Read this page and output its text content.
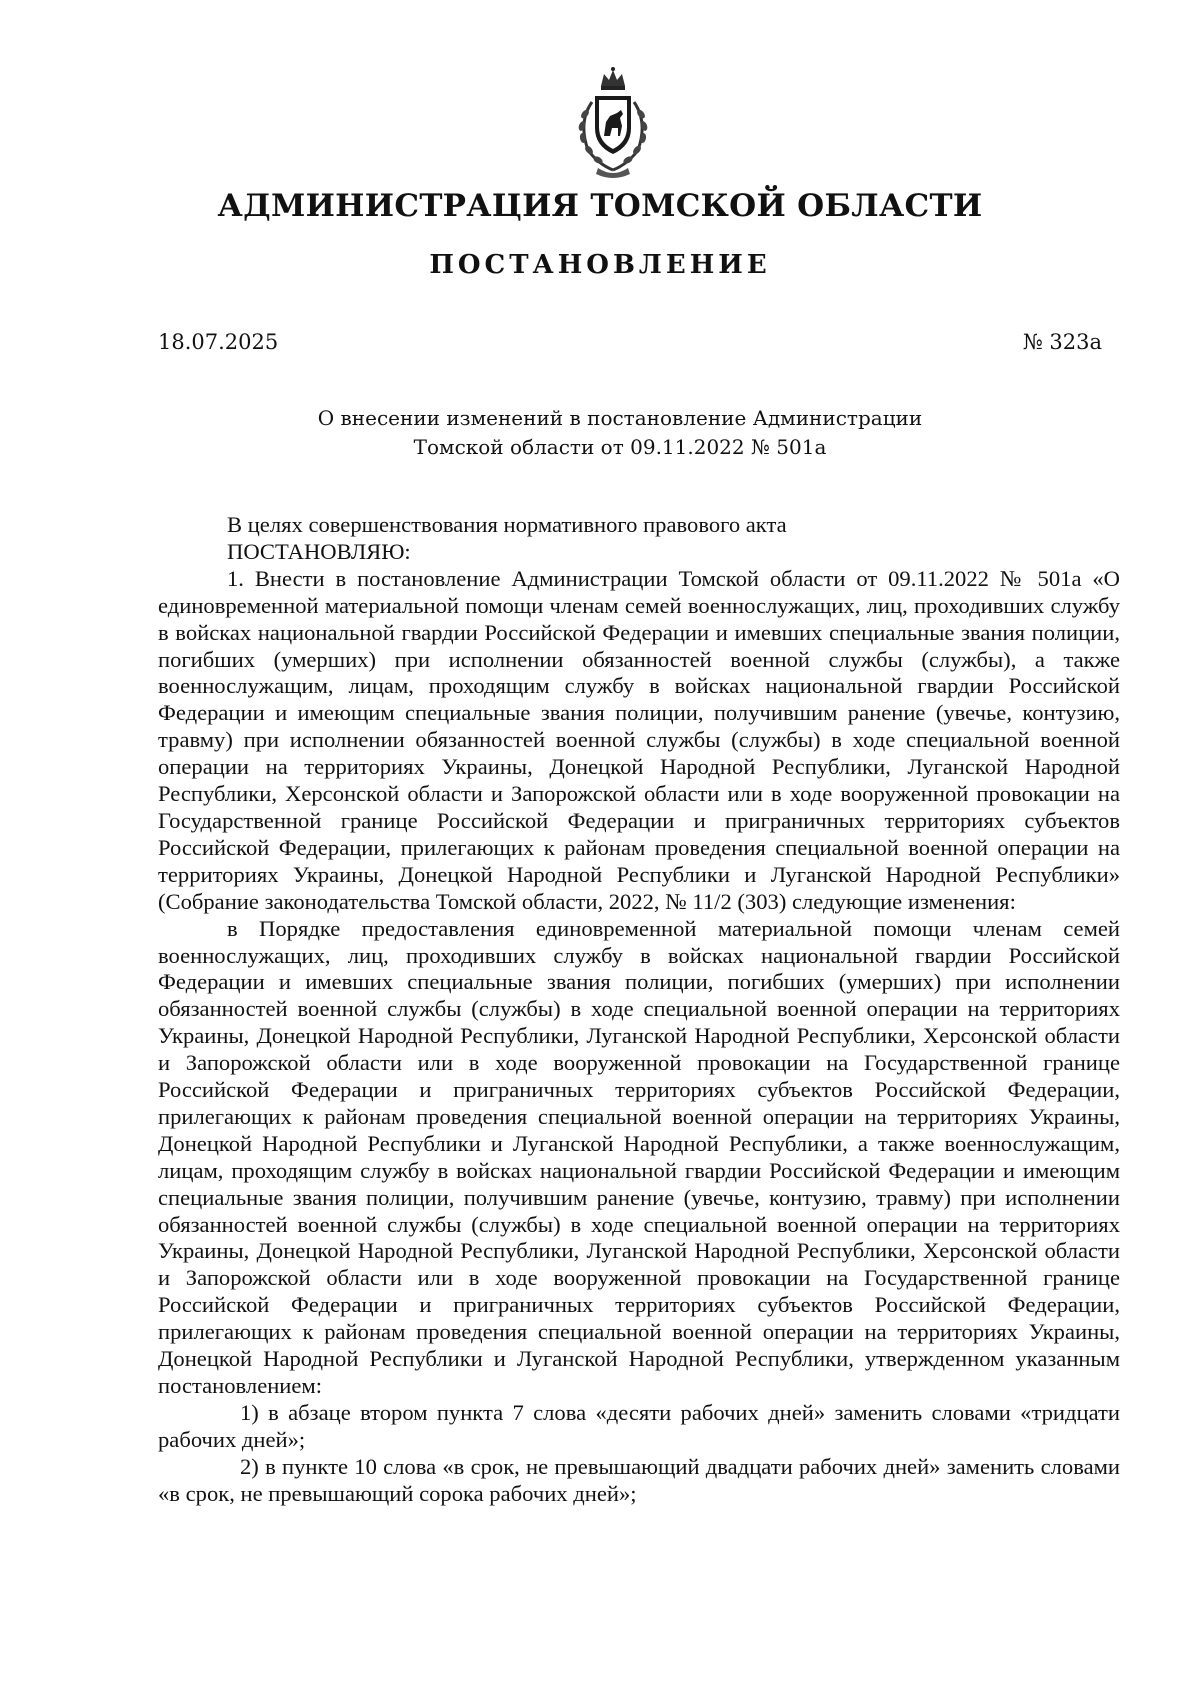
АДМИНИСТРАЦИЯ ТОМСКОЙ ОБЛАСТИ
ПОСТАНОВЛЕНИЕ
18.07.2025	№ 323а
О внесении изменений в постановление Администрации
Томской области от 09.11.2022 № 501а

В целях совершенствования нормативного правового акта

ПОСТАНОВЛЯЮ:

1. Внести в постановление Администрации Томской области от 09.11.2022 № 501а «О единовременной материальной помощи членам семей военнослужащих, лиц, проходивших службу в войсках национальной гвардии Российской Федерации и имевших специальные звания полиции, погибших (умерших) при исполнении обязанностей военной службы (службы), а также военнослужащим, лицам, проходящим службу в войсках национальной гвардии Российской Федерации и имеющим специальные звания полиции, получившим ранение (увечье, контузию, травму) при исполнении обязанностей военной службы (службы) в ходе специальной военной операции на территориях Украины, Донецкой Народной Республики, Луганской Народной Республики, Херсонской области и Запорожской области или в ходе вооруженной провокации на Государственной границе Российской Федерации и приграничных территориях субъектов Российской Федерации, прилегающих к районам проведения специальной военной операции на территориях Украины, Донецкой Народной Республики и Луганской Народной Республики» (Собрание законодательства Томской области, 2022, № 11/2 (303) следующие изменения:

в Порядке предоставления единовременной материальной помощи членам семей военнослужащих, лиц, проходивших службу в войсках национальной гвардии Российской Федерации и имевших специальные звания полиции, погибших (умерших) при исполнении обязанностей военной службы (службы) в ходе специальной военной операции на территориях Украины, Донецкой Народной Республики, Луганской Народной Республики, Херсонской области и Запорожской области или в ходе вооруженной провокации на Государственной границе Российской Федерации и приграничных территориях субъектов Российской Федерации, прилегающих к районам проведения специальной военной операции на территориях Украины, Донецкой Народной Республики и Луганской Народной Республики, а также военнослужащим, лицам, проходящим службу в войсках национальной гвардии Российской Федерации и имеющим специальные звания полиции, получившим ранение (увечье, контузию, травму) при исполнении обязанностей военной службы (службы) в ходе специальной военной операции на территориях Украины, Донецкой Народной Республики, Луганской Народной Республики, Херсонской области и Запорожской области или в ходе вооруженной провокации на Государственной границе Российской Федерации и приграничных территориях субъектов Российской Федерации, прилегающих к районам проведения специальной военной операции на территориях Украины, Донецкой Народной Республики и Луганской Народной Республики, утвержденном указанным постановлением:

1) в абзаце втором пункта 7 слова «десяти рабочих дней» заменить словами «тридцати рабочих дней»;

2) в пункте 10 слова «в срок, не превышающий двадцати рабочих дней» заменить словами «в срок, не превышающий сорока рабочих дней»;
